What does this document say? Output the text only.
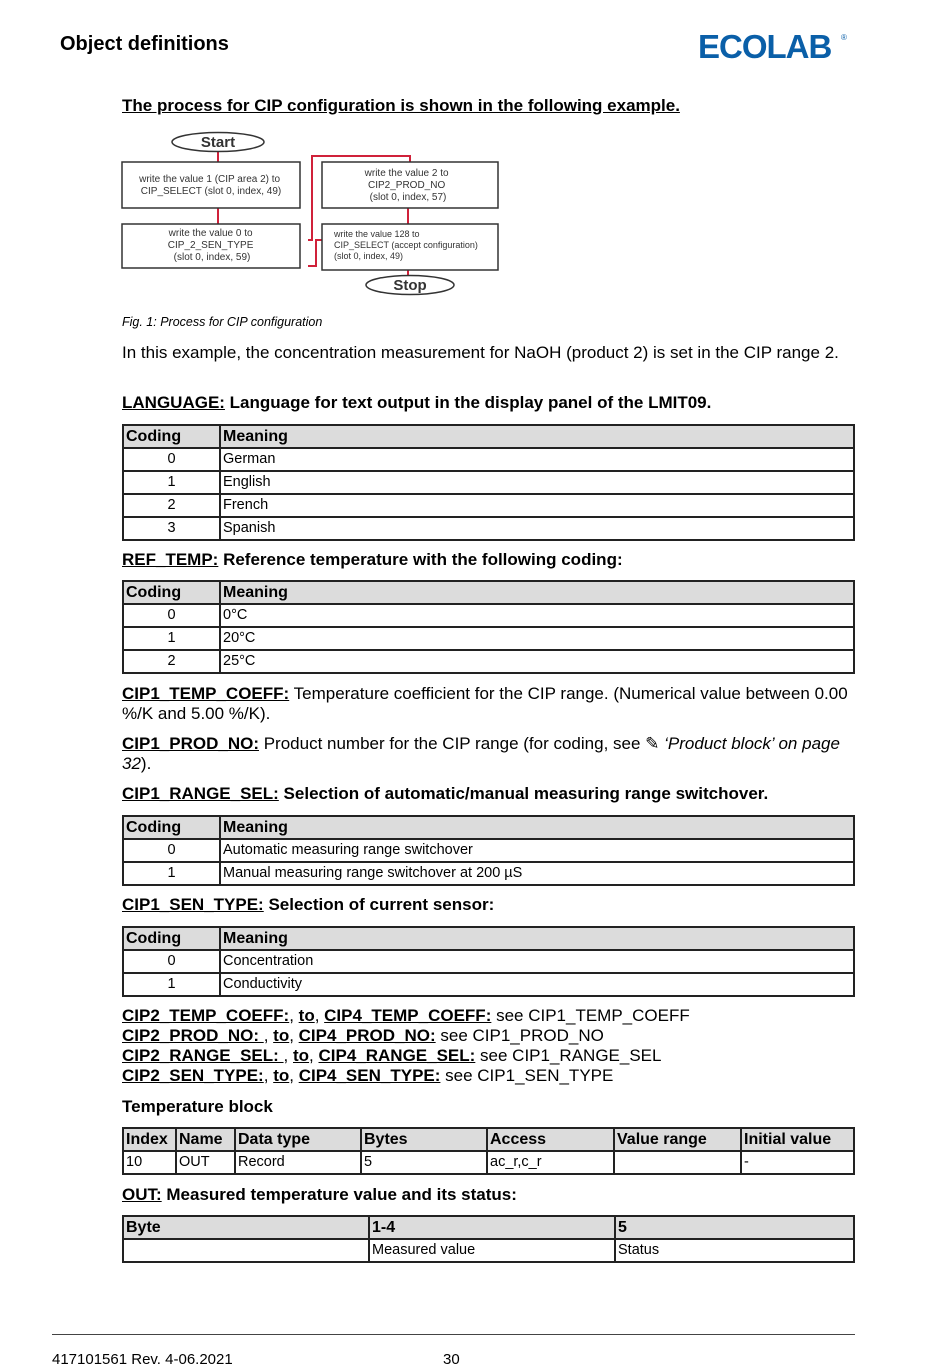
Object definitions	ECOLAB ®
The process for CIP configuration is shown in the following example.
Start
write the value 1 (CIP area 2) to CIP_SELECT (slot 0, index, 49)
write the value 0 to CIP_2_SEN_TYPE (slot 0, index, 59)
write the value 2 to CIP2_PROD_NO (slot 0, index, 57)
write the value 128 to CIP_SELECT (accept configuration) (slot 0, index, 49)
Stop
Fig. 1: Process for CIP configuration
In this example, the concentration measurement for NaOH (product 2) is set in the CIP range 2.
LANGUAGE: Language for text output in the display panel of the LMIT09.
Coding	Meaning
0	German
1	English
2	French
3	Spanish
REF_TEMP: Reference temperature with the following coding:
Coding	Meaning
0	0°C
1	20°C
2	25°C
CIP1_TEMP_COEFF: Temperature coefficient for the CIP range. (Numerical value between 0.00 %/K and 5.00 %/K).
CIP1_PROD_NO: Product number for the CIP range (for coding, see ✎ ‘Product block’ on page 32).
CIP1_RANGE_SEL: Selection of automatic/manual measuring range switchover.
Coding	Meaning
0	Automatic measuring range switchover
1	Manual measuring range switchover at 200 µS
CIP1_SEN_TYPE: Selection of current sensor:
Coding	Meaning
0	Concentration
1	Conductivity
CIP2_TEMP_COEFF:, to, CIP4_TEMP_COEFF: see CIP1_TEMP_COEFF
CIP2_PROD_NO: , to, CIP4_PROD_NO: see CIP1_PROD_NO
CIP2_RANGE_SEL: , to, CIP4_RANGE_SEL: see CIP1_RANGE_SEL
CIP2_SEN_TYPE:, to, CIP4_SEN_TYPE: see CIP1_SEN_TYPE
Temperature block
Index	Name	Data type	Bytes	Access	Value range	Initial value
10	OUT	Record	5	ac_r,c_r		-
OUT: Measured temperature value and its status:
Byte	1-4	5
	Measured value	Status
417101561 Rev. 4-06.2021	30
